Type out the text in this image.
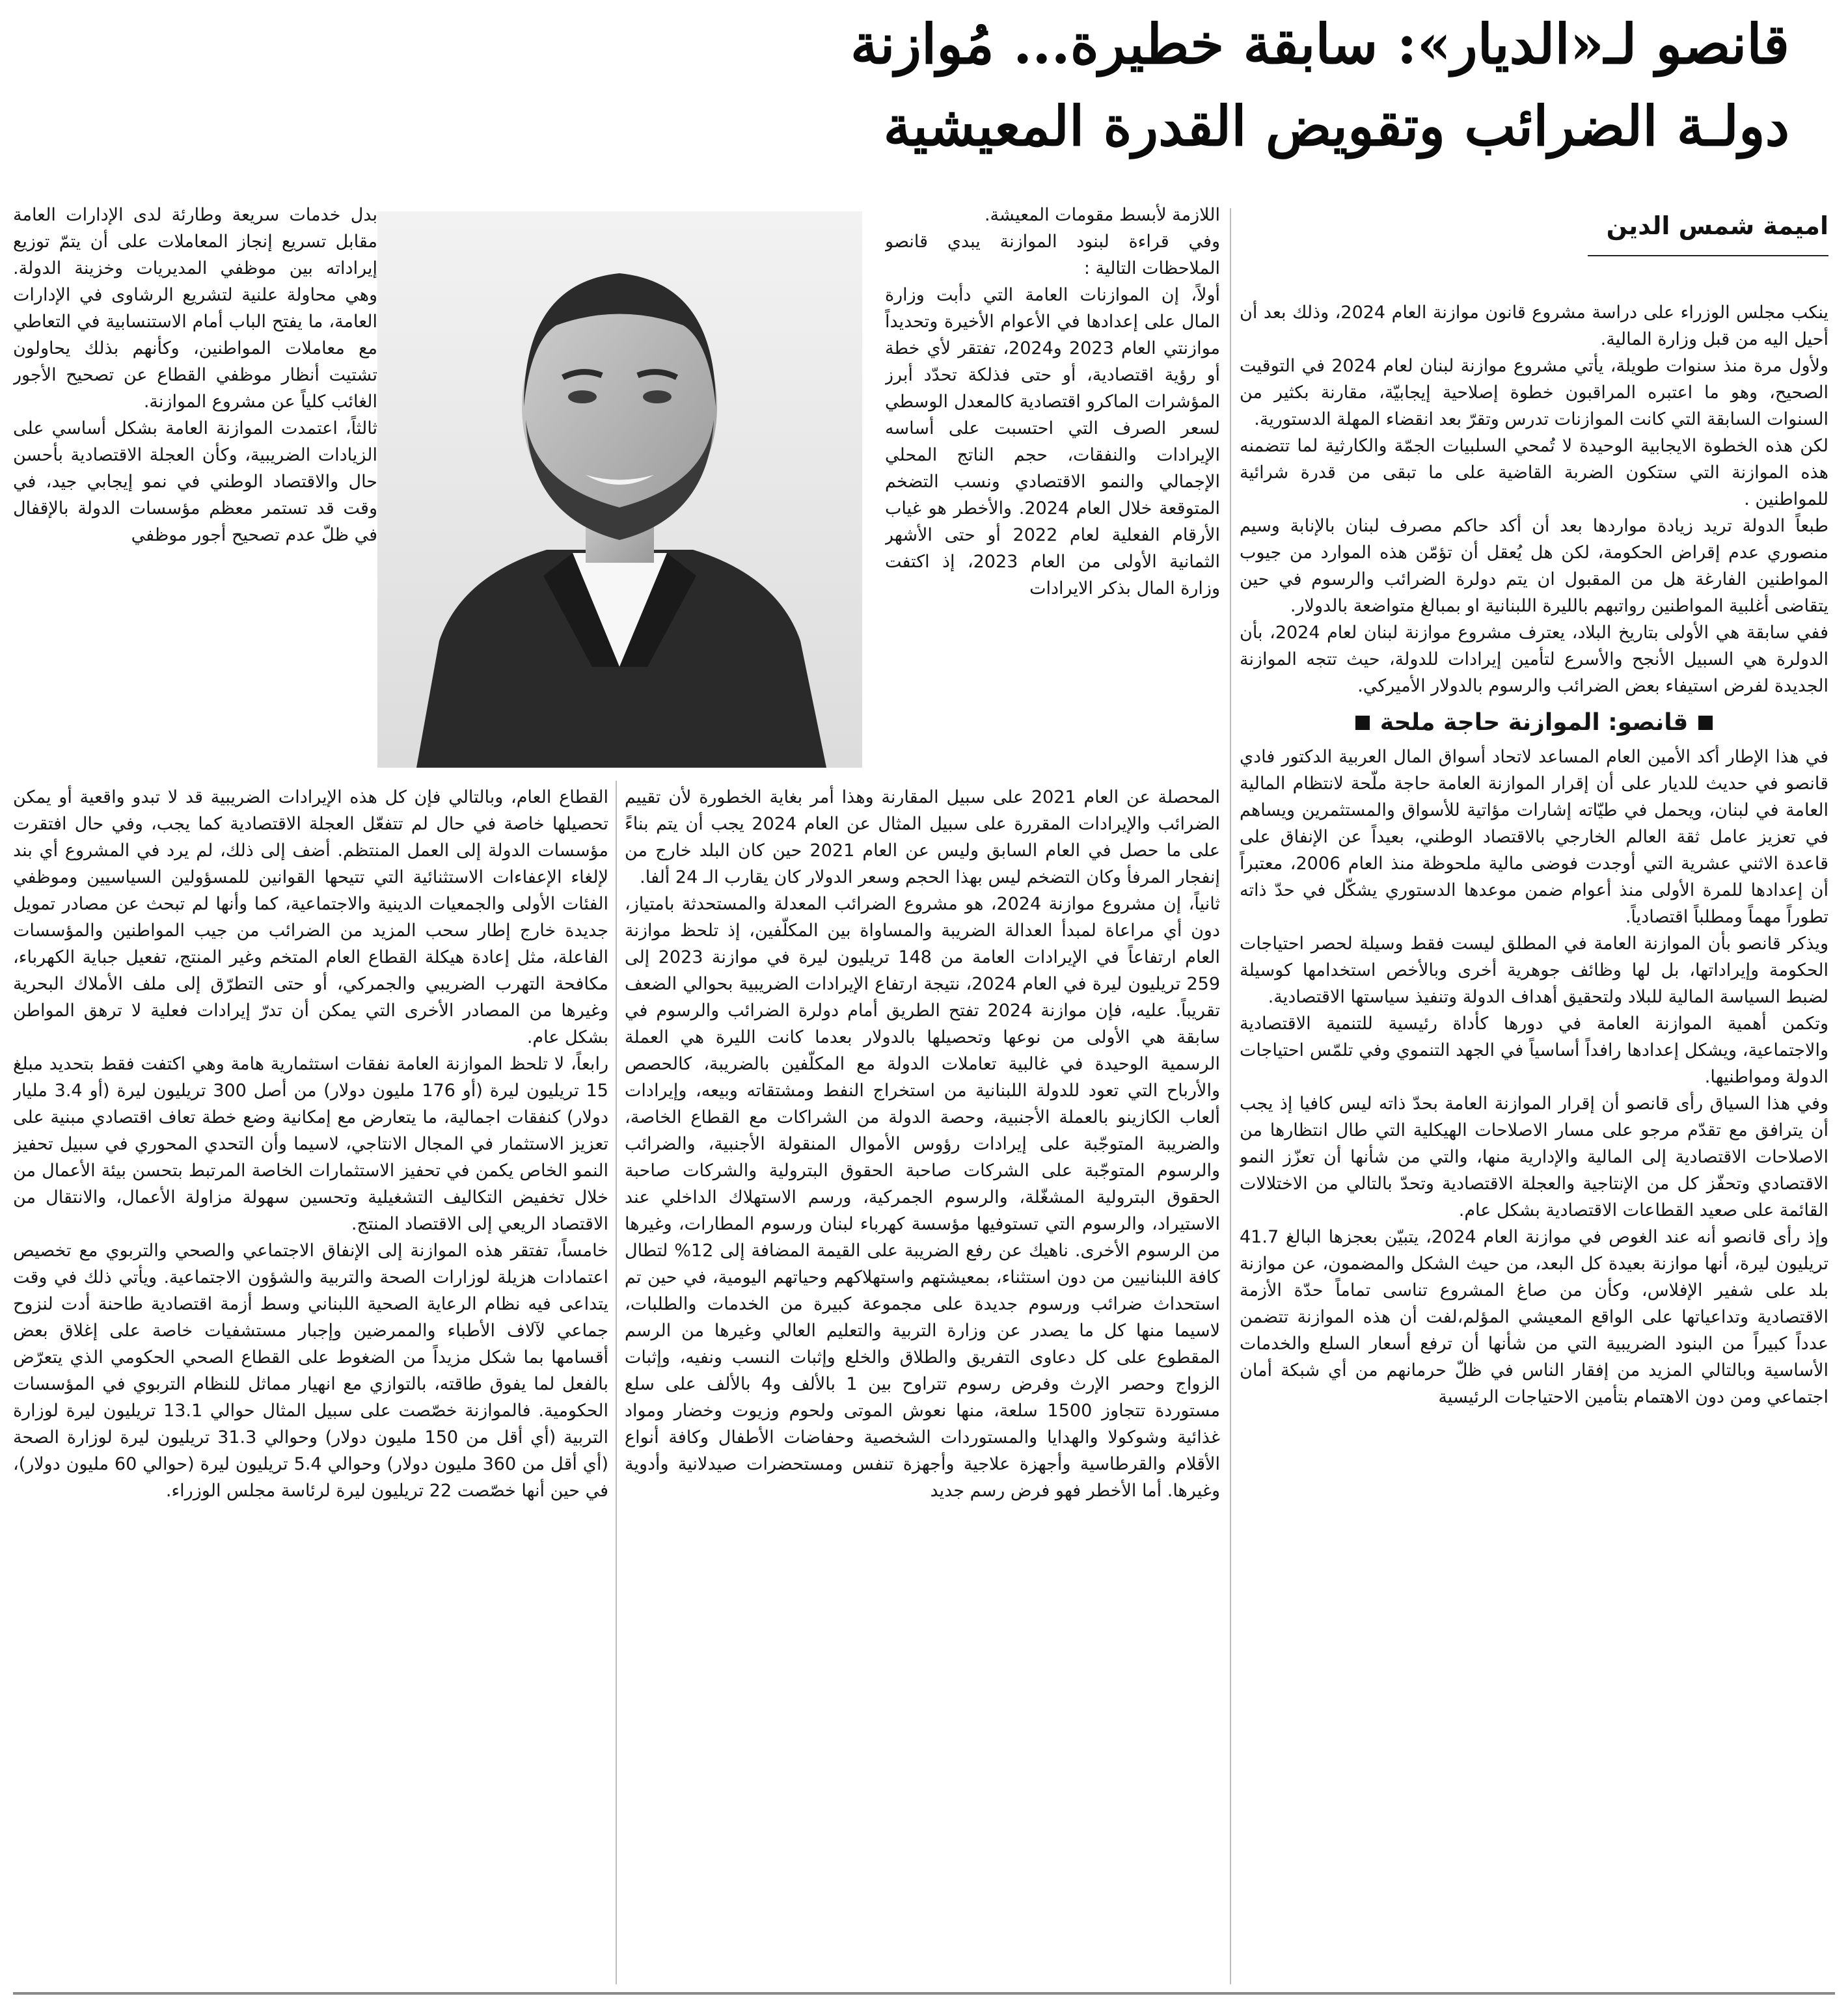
قانصو لـ«الديار»: سابقة خطيرة... مُوازنة
دولـة الضرائب وتقويض القدرة المعيشية
اميمة شمس الدين

ينكب مجلس الوزراء على دراسة مشروع قانون موازنة العام 2024، وذلك بعد أن أحيل اليه من قبل وزارة المالية.

ولأول مرة منذ سنوات طويلة، يأتي مشروع موازنة لبنان لعام 2024 في التوقيت الصحيح، وهو ما اعتبره المراقبون خطوة إصلاحية إيجابيّة، مقارنة بكثير من السنوات السابقة التي كانت الموازنات تدرس وتقرّ بعد انقضاء المهلة الدستورية.

لكن هذه الخطوة الايجابية الوحيدة لا تُمحي السلبيات الجمّة والكارثية لما تتضمنه هذه الموازنة التي ستكون الضربة القاضية على ما تبقى من قدرة شرائية للمواطنين .

طبعاً الدولة تريد زيادة مواردها بعد أن أكد حاكم مصرف لبنان بالإنابة وسيم منصوري عدم إقراض الحكومة، لكن هل يُعقل أن تؤمّن هذه الموارد من جيوب المواطنين الفارغة هل من المقبول ان يتم دولرة الضرائب والرسوم في حين يتقاضى أغلبية المواطنين رواتبهم بالليرة اللبنانية او بمبالغ متواضعة بالدولار.

ففي سابقة هي الأولى بتاريخ البلاد، يعترف مشروع موازنة لبنان لعام 2024، بأن الدولرة هي السبيل الأنجح والأسرع لتأمين إيرادات للدولة، حيث تتجه الموازنة الجديدة لفرض استيفاء بعض الضرائب والرسوم بالدولار الأميركي.

قانصو: الموازنة حاجة ملحة

في هذا الإطار أكد الأمين العام المساعد لاتحاد أسواق المال العربية الدكتور فادي قانصو في حديث للديار على أن إقرار الموازنة العامة حاجة ملّحة لانتظام المالية العامة في لبنان، ويحمل في طيّاته إشارات مؤاتية للأسواق والمستثمرين ويساهم في تعزيز عامل ثقة العالم الخارجي بالاقتصاد الوطني، بعيداً عن الإنفاق على قاعدة الاثني عشرية التي أوجدت فوضى مالية ملحوظة منذ العام 2006، معتبراً أن إعدادها للمرة الأولى منذ أعوام ضمن موعدها الدستوري يشكّل في حدّ ذاته تطوراً مهماً ومطلباً اقتصادياً.

ويذكر قانصو بأن الموازنة العامة في المطلق ليست فقط وسيلة لحصر احتياجات الحكومة وإيراداتها، بل لها وظائف جوهرية أخرى وبالأخص استخدامها كوسيلة لضبط السياسة المالية للبلاد ولتحقيق أهداف الدولة وتنفيذ سياستها الاقتصادية.

وتكمن أهمية الموازنة العامة في دورها كأداة رئيسية للتنمية الاقتصادية والاجتماعية، ويشكل إعدادها رافداً أساسياً في الجهد التنموي وفي تلمّس احتياجات الدولة ومواطنيها.

وفي هذا السياق رأى قانصو أن إقرار الموازنة العامة بحدّ ذاته ليس كافيا إذ يجب أن يترافق مع تقدّم مرجو على مسار الاصلاحات الهيكلية التي طال انتظارها من الاصلاحات الاقتصادية إلى المالية والإدارية منها، والتي من شأنها أن تعزّز النمو الاقتصادي وتحفّز كل من الإنتاجية والعجلة الاقتصادية وتحدّ بالتالي من الاختلالات القائمة على صعيد القطاعات الاقتصادية بشكل عام.

وإذ رأى قانصو أنه عند الغوص في موازنة العام 2024، يتبيّن بعجزها البالغ 41.7 تريليون ليرة، أنها موازنة بعيدة كل البعد، من حيث الشكل والمضمون، عن موازنة بلد على شفير الإفلاس، وكأن من صاغ المشروع تناسى تماماً حدّة الأزمة الاقتصادية وتداعياتها على الواقع المعيشي المؤلم،لفت أن هذه الموازنة تتضمن عدداً كبيراً من البنود الضريبية التي من شأنها أن ترفع أسعار السلع والخدمات الأساسية وبالتالي المزيد من إفقار الناس في ظلّ حرمانهم من أي شبكة أمان اجتماعي ومن دون الاهتمام بتأمين الاحتياجات الرئيسية

اللازمة لأبسط مقومات المعيشة.

وفي قراءة لبنود الموازنة يبدي قانصو الملاحظات التالية :

أولاً، إن الموازنات العامة التي دأبت وزارة المال على إعدادها في الأعوام الأخيرة وتحديداً موازنتي العام 2023 و2024، تفتقر لأي خطة أو رؤية اقتصادية، أو حتى فذلكة تحدّد أبرز المؤشرات الماكرو اقتصادية كالمعدل الوسطي لسعر الصرف التي احتسبت على أساسه الإيرادات والنفقات، حجم الناتج المحلي الإجمالي والنمو الاقتصادي ونسب التضخم المتوقعة خلال العام 2024. والأخطر هو غياب الأرقام الفعلية لعام 2022 أو حتى الأشهر الثمانية الأولى من العام 2023، إذ اكتفت وزارة المال بذكر الايرادات

المحصلة عن العام 2021 على سبيل المقارنة وهذا أمر بغاية الخطورة لأن تقييم الضرائب والإيرادات المقررة على سبيل المثال عن العام 2024 يجب أن يتم بناءً على ما حصل في العام السابق وليس عن العام 2021 حين كان البلد خارج من إنفجار المرفأ وكان التضخم ليس بهذا الحجم وسعر الدولار كان يقارب الـ 24 ألفا.

ثانياً، إن مشروع موازنة 2024، هو مشروع الضرائب المعدلة والمستحدثة بامتياز، دون أي مراعاة لمبدأ العدالة الضريبة والمساواة بين المكلّفين، إذ تلحظ موازنة العام ارتفاعاً في الإيرادات العامة من 148 تريليون ليرة في موازنة 2023 إلى 259 تريليون ليرة في العام 2024، نتيجة ارتفاع الإيرادات الضريبية بحوالي الضعف تقريباً. عليه، فإن موازنة 2024 تفتح الطريق أمام دولرة الضرائب والرسوم في سابقة هي الأولى من نوعها وتحصيلها بالدولار بعدما كانت الليرة هي العملة الرسمية الوحيدة في غالبية تعاملات الدولة مع المكلّفين بالضريبة، كالحصص والأرباح التي تعود للدولة اللبنانية من استخراج النفط ومشتقاته وبيعه، وإيرادات ألعاب الكازينو بالعملة الأجنبية، وحصة الدولة من الشراكات مع القطاع الخاصة، والضريبة المتوجّبة على إيرادات رؤوس الأموال المنقولة الأجنبية، والضرائب والرسوم المتوجّبة على الشركات صاحبة الحقوق البترولية والشركات صاحبة الحقوق البترولية المشغّلة، والرسوم الجمركية، ورسم الاستهلاك الداخلي عند الاستيراد، والرسوم التي تستوفيها مؤسسة كهرباء لبنان ورسوم المطارات، وغيرها من الرسوم الأخرى. ناهيك عن رفع الضريبة على القيمة المضافة إلى 12% لتطال كافة اللبنانيين من دون استثناء، بمعيشتهم واستهلاكهم وحياتهم اليومية، في حين تم استحداث ضرائب ورسوم جديدة على مجموعة كبيرة من الخدمات والطلبات، لاسيما منها كل ما يصدر عن وزارة التربية والتعليم العالي وغيرها من الرسم المقطوع على كل دعاوى التفريق والطلاق والخلع وإثبات النسب ونفيه، وإثبات الزواج وحصر الإرث وفرض رسوم تتراوح بين 1 بالألف و4 بالألف على سلع مستوردة تتجاوز 1500 سلعة، منها نعوش الموتى ولحوم وزيوت وخضار ومواد غذائية وشوكولا والهدايا والمستوردات الشخصية وحفاضات الأطفال وكافة أنواع الأقلام والقرطاسية وأجهزة علاجية وأجهزة تنفس ومستحضرات صيدلانية وأدوية وغيرها. أما الأخطر فهو فرض رسم جديد

بدل خدمات سريعة وطارئة لدى الإدارات العامة مقابل تسريع إنجاز المعاملات على أن يتمّ توزيع إيراداته بين موظفي المديريات وخزينة الدولة. وهي محاولة علنية لتشريع الرشاوى في الإدارات العامة، ما يفتح الباب أمام الاستنسابية في التعاطي مع معاملات المواطنين، وكأنهم بذلك يحاولون تشتيت أنظار موظفي القطاع عن تصحيح الأجور الغائب كلياً عن مشروع الموازنة.

ثالثاً، اعتمدت الموازنة العامة بشكل أساسي على الزيادات الضريبية، وكأن العجلة الاقتصادية بأحسن حال والاقتصاد الوطني في نمو إيجابي جيد، في وقت قد تستمر معظم مؤسسات الدولة بالإقفال في ظلّ عدم تصحيح أجور موظفي

القطاع العام، وبالتالي فإن كل هذه الإيرادات الضريبية قد لا تبدو واقعية أو يمكن تحصيلها خاصة في حال لم تتفعّل العجلة الاقتصادية كما يجب، وفي حال افتقرت مؤسسات الدولة إلى العمل المنتظم. أضف إلى ذلك، لم يرد في المشروع أي بند لإلغاء الإعفاءات الاستثنائية التي تتيحها القوانين للمسؤولين السياسيين وموظفي الفئات الأولى والجمعيات الدينية والاجتماعية، كما وأنها لم تبحث عن مصادر تمويل جديدة خارج إطار سحب المزيد من الضرائب من جيب المواطنين والمؤسسات الفاعلة، مثل إعادة هيكلة القطاع العام المتخم وغير المنتج، تفعيل جباية الكهرباء، مكافحة التهرب الضريبي والجمركي، أو حتى التطرّق إلى ملف الأملاك البحرية وغيرها من المصادر الأخرى التي يمكن أن تدرّ إيرادات فعلية لا ترهق المواطن بشكل عام.

رابعاً، لا تلحظ الموازنة العامة نفقات استثمارية هامة وهي اكتفت فقط بتحديد مبلغ 15 تريليون ليرة (أو 176 مليون دولار) من أصل 300 تريليون ليرة (أو 3.4 مليار دولار) كنفقات اجمالية، ما يتعارض مع إمكانية وضع خطة تعاف اقتصادي مبنية على تعزيز الاستثمار في المجال الانتاجي، لاسيما وأن التحدي المحوري في سبيل تحفيز النمو الخاص يكمن في تحفيز الاستثمارات الخاصة المرتبط بتحسن بيئة الأعمال من خلال تخفيض التكاليف التشغيلية وتحسين سهولة مزاولة الأعمال، والانتقال من الاقتصاد الريعي إلى الاقتصاد المنتج.

خامساً، تفتقر هذه الموازنة إلى الإنفاق الاجتماعي والصحي والتربوي مع تخصيص اعتمادات هزيلة لوزارات الصحة والتربية والشؤون الاجتماعية. ويأتي ذلك في وقت يتداعى فيه نظام الرعاية الصحية اللبناني وسط أزمة اقتصادية طاحنة أدت لنزوح جماعي لآلاف الأطباء والممرضين وإجبار مستشفيات خاصة على إغلاق بعض أقسامها بما شكل مزيداً من الضغوط على القطاع الصحي الحكومي الذي يتعرّض بالفعل لما يفوق طاقته، بالتوازي مع انهيار مماثل للنظام التربوي في المؤسسات الحكومية. فالموازنة خصّصت على سبيل المثال حوالي 13.1 تريليون ليرة لوزارة التربية (أي أقل من 150 مليون دولار) وحوالي 31.3 تريليون ليرة لوزارة الصحة (أي أقل من 360 مليون دولار) وحوالي 5.4 تريليون ليرة (حوالي 60 مليون دولار)، في حين أنها خصّصت 22 تريليون ليرة لرئاسة مجلس الوزراء.
